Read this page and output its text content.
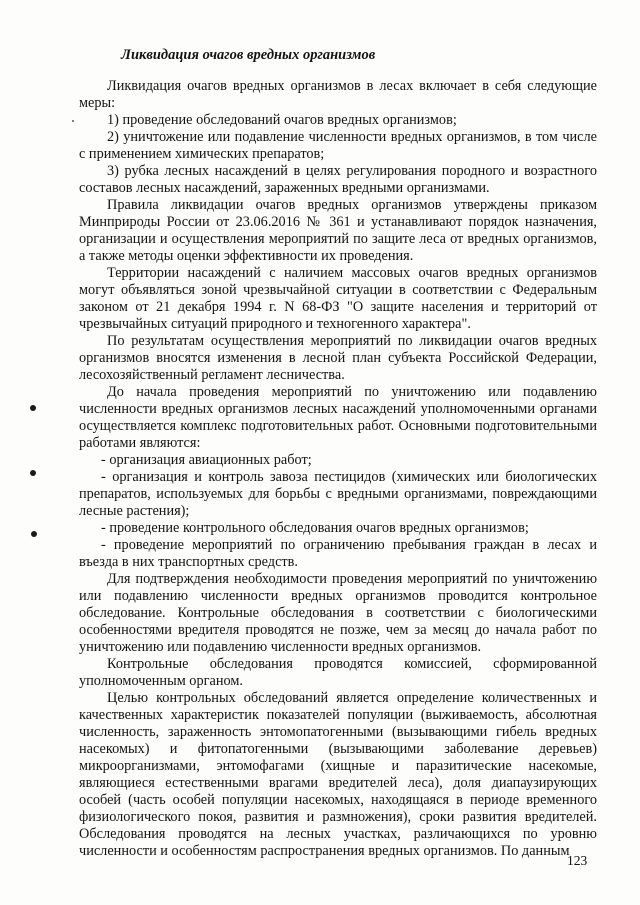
Ликвидация очагов вредных организмов

Ликвидация очагов вредных организмов в лесах включает в себя следующие меры:

1) проведение обследований очагов вредных организмов;

2) уничтожение или подавление численности вредных организмов, в том числе с применением химических препаратов;

3) рубка лесных насаждений в целях регулирования породного и возрастного составов лесных насаждений, зараженных вредными организмами.

Правила ликвидации очагов вредных организмов утверждены приказом Минприроды России от 23.06.2016 № 361 и устанавливают порядок назначения, организации и осуществления мероприятий по защите леса от вредных организмов, а также методы оценки эффективности их проведения.

Территории насаждений с наличием массовых очагов вредных организмов могут объявляться зоной чрезвычайной ситуации в соответствии с Федеральным законом от 21 декабря 1994 г. N 68-ФЗ "О защите населения и территорий от чрезвычайных ситуаций природного и техногенного характера".

По результатам осуществления мероприятий по ликвидации очагов вредных организмов вносятся изменения в лесной план субъекта Российской Федерации, лесохозяйственный регламент лесничества.

До начала проведения мероприятий по уничтожению или подавлению численности вредных организмов лесных насаждений уполномоченными органами осуществляется комплекс подготовительных работ. Основными подготовительными работами являются:

- организация авиационных работ;

- организация и контроль завоза пестицидов (химических или биологических препаратов, используемых для борьбы с вредными организмами, повреждающими лесные растения);

- проведение контрольного обследования очагов вредных организмов;

- проведение мероприятий по ограничению пребывания граждан в лесах и въезда в них транспортных средств.

Для подтверждения необходимости проведения мероприятий по уничтожению или подавлению численности вредных организмов проводится контрольное обследование. Контрольные обследования в соответствии с биологическими особенностями вредителя проводятся не позже, чем за месяц до начала работ по уничтожению или подавлению численности вредных организмов.

Контрольные обследования проводятся комиссией, сформированной уполномоченным органом.

Целью контрольных обследований является определение количественных и качественных характеристик показателей популяции (выживаемость, абсолютная численность, зараженность энтомопатогенными (вызывающими гибель вредных насекомых) и фитопатогенными (вызывающими заболевание деревьев) микроорганизмами, энтомофагами (хищные и паразитические насекомые, являющиеся естественными врагами вредителей леса), доля диапаузирующих особей (часть особей популяции насекомых, находящаяся в периоде временного физиологического покоя, развития и размножения), сроки развития вредителей. Обследования проводятся на лесных участках, различающихся по уровню численности и особенностям распространения вредных организмов. По данным

123
